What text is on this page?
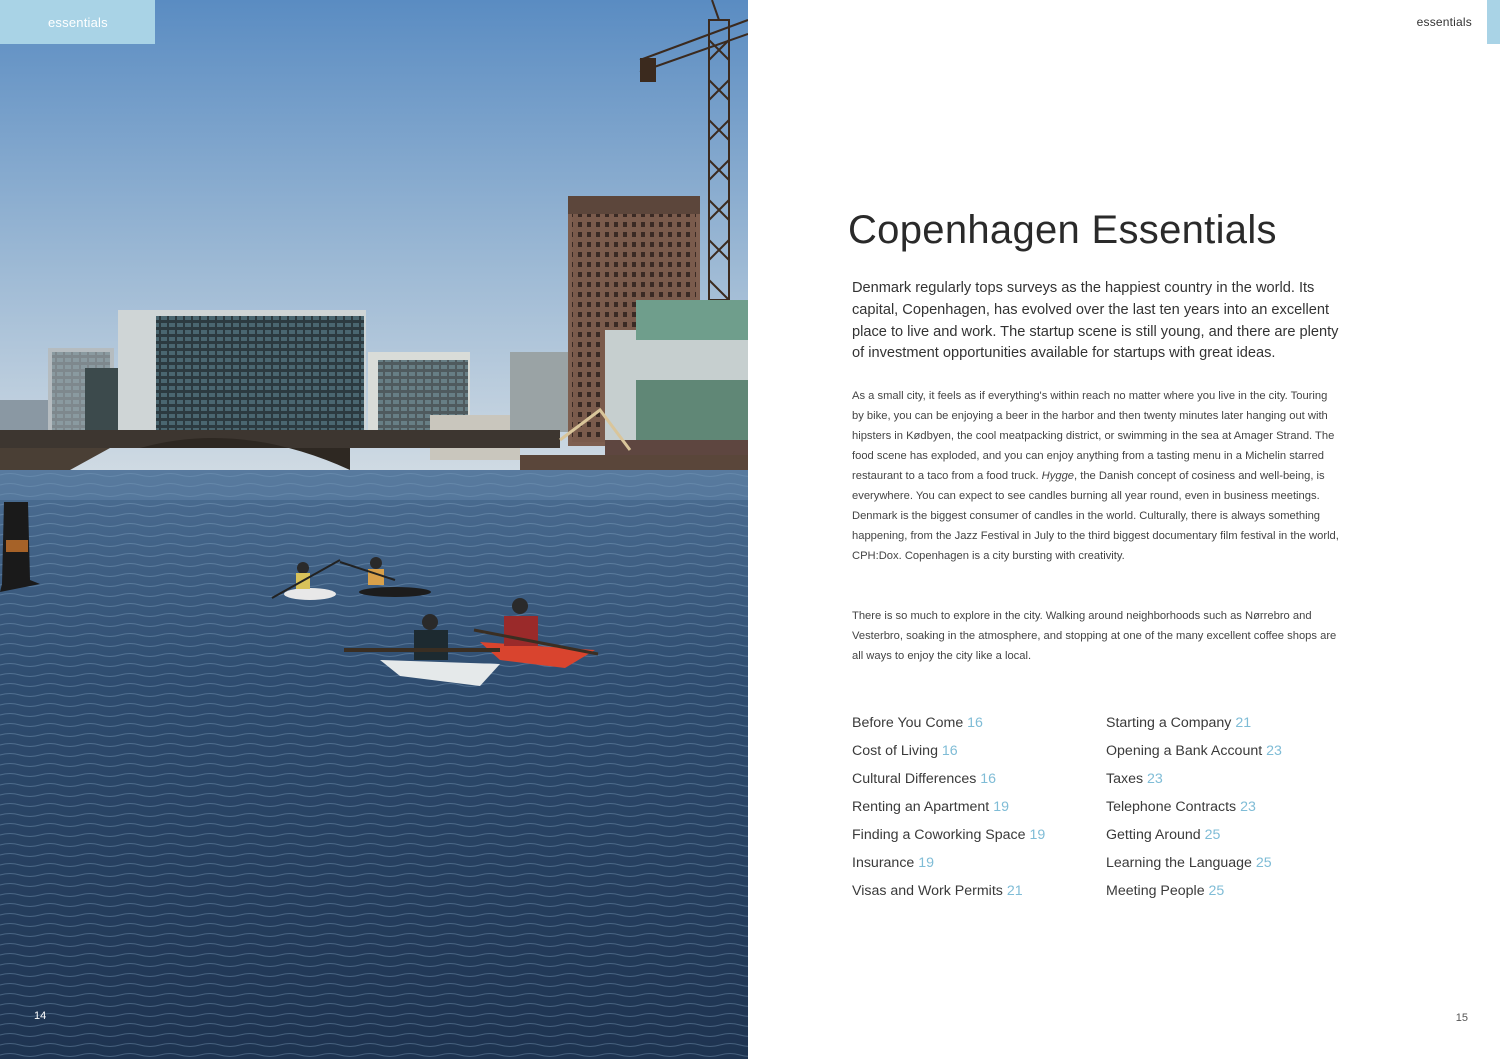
essentials
14
essentials
Copenhagen Essentials

Denmark regularly tops surveys as the happiest country in the world. Its capital, Copenhagen, has evolved over the last ten years into an excellent place to live and work. The startup scene is still young, and there are plenty of investment opportunities available for startups with great ideas.

As a small city, it feels as if everything's within reach no matter where you live in the city. Touring by bike, you can be enjoying a beer in the harbor and then twenty minutes later hanging out with hipsters in Kødbyen, the cool meatpacking district, or swimming in the sea at Amager Strand. The food scene has exploded, and you can enjoy anything from a tasting menu in a Michelin starred restaurant to a taco from a food truck. Hygge, the Danish concept of cosiness and well-being, is everywhere. You can expect to see candles burning all year round, even in business meetings. Denmark is the biggest consumer of candles in the world. Culturally, there is always something happening, from the Jazz Festival in July to the third biggest documentary film festival in the world, CPH:Dox. Copenhagen is a city bursting with creativity.

There is so much to explore in the city. Walking around neighborhoods such as Nørrebro and Vesterbro, soaking in the atmosphere, and stopping at one of the many excellent coffee shops are all ways to enjoy the city like a local.

Before You Come 16
Cost of Living 16
Cultural Differences 16
Renting an Apartment 19
Finding a Coworking Space 19
Insurance 19
Visas and Work Permits 21
Starting a Company 21
Opening a Bank Account 23
Taxes 23
Telephone Contracts 23
Getting Around 25
Learning the Language 25
Meeting People 25
15
